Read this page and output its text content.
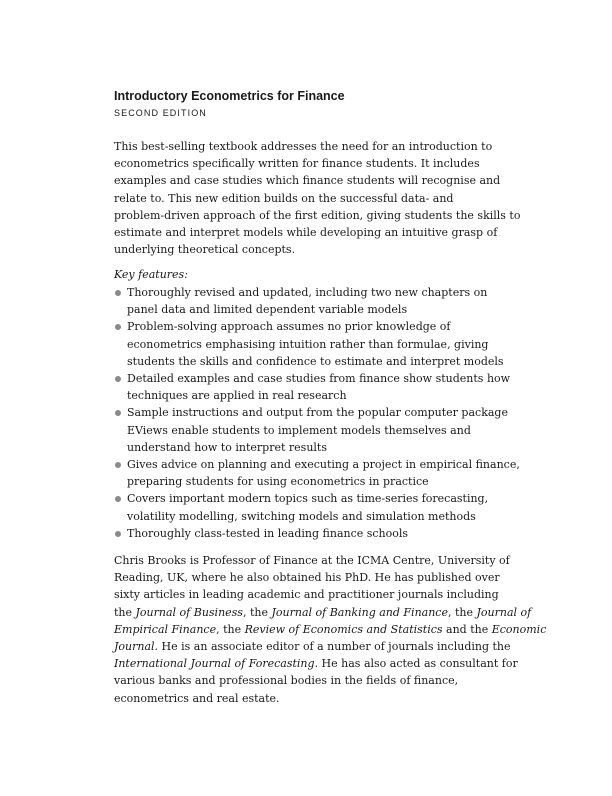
Introductory Econometrics for Finance
SECOND EDITION

This best-selling textbook addresses the need for an introduction to
econometrics specifically written for finance students. It includes
examples and case studies which finance students will recognise and
relate to. This new edition builds on the successful data- and
problem-driven approach of the first edition, giving students the skills to
estimate and interpret models while developing an intuitive grasp of
underlying theoretical concepts.

Key features:
Thoroughly revised and updated, including two new chapters on
panel data and limited dependent variable models
Problem-solving approach assumes no prior knowledge of
econometrics emphasising intuition rather than formulae, giving
students the skills and confidence to estimate and interpret models
Detailed examples and case studies from finance show students how
techniques are applied in real research
Sample instructions and output from the popular computer package
EViews enable students to implement models themselves and
understand how to interpret results
Gives advice on planning and executing a project in empirical finance,
preparing students for using econometrics in practice
Covers important modern topics such as time-series forecasting,
volatility modelling, switching models and simulation methods
Thoroughly class-tested in leading finance schools

Chris Brooks is Professor of Finance at the ICMA Centre, University of
Reading, UK, where he also obtained his PhD. He has published over
sixty articles in leading academic and practitioner journals including
the Journal of Business, the Journal of Banking and Finance, the Journal of
Empirical Finance, the Review of Economics and Statistics and the Economic
Journal. He is an associate editor of a number of journals including the
International Journal of Forecasting. He has also acted as consultant for
various banks and professional bodies in the fields of finance,
econometrics and real estate.
